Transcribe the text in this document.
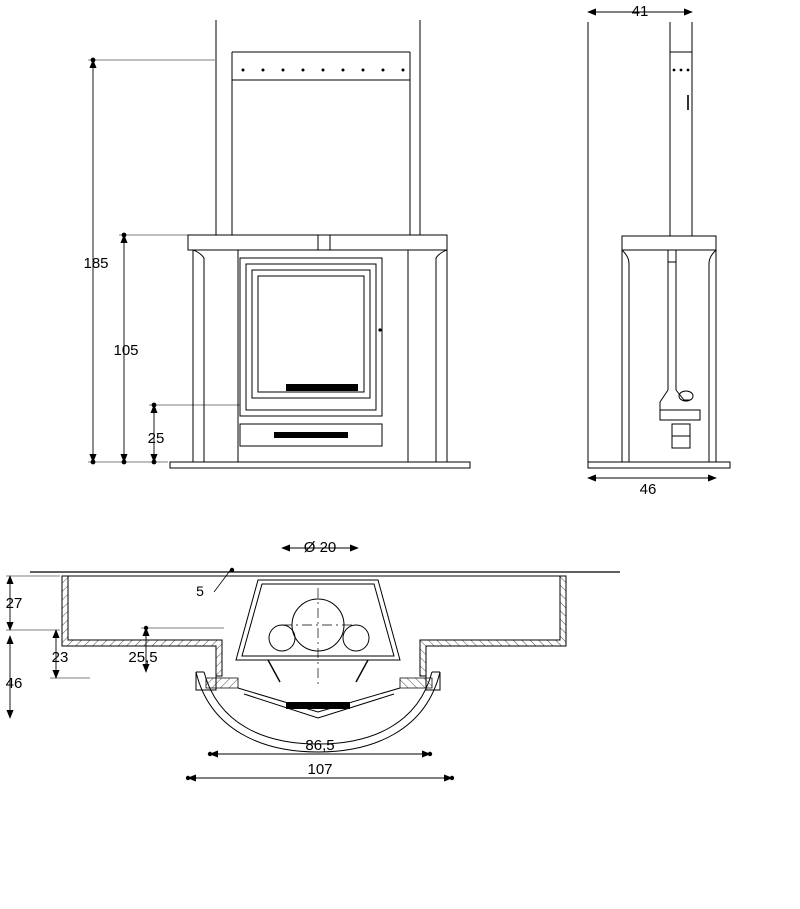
185
105
25
41
46
Ø 20
5
27
23
46
25,5
86,5
107
